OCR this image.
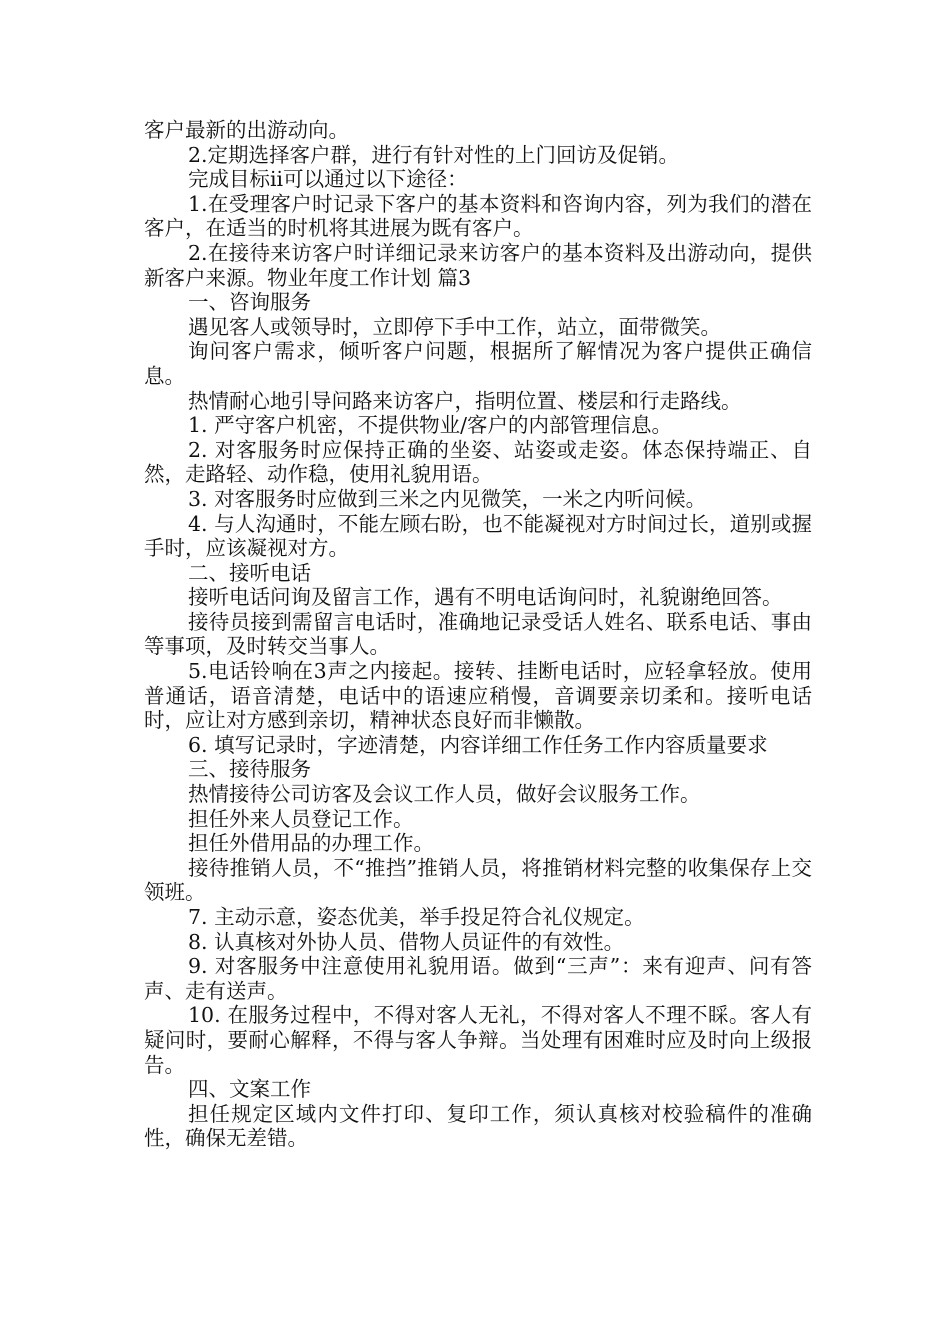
客户最新的出游动向。

2.定期选择客户群，进行有针对性的上门回访及促销。

完成目标ii可以通过以下途径：

1.在受理客户时记录下客户的基本资料和咨询内容，列为我们的潜在客户，在适当的时机将其进展为既有客户。

2.在接待来访客户时详细记录来访客户的基本资料及出游动向，提供新客户来源。物业年度工作计划 篇3

一、咨询服务

遇见客人或领导时，立即停下手中工作，站立，面带微笑。

询问客户需求，倾听客户问题，根据所了解情况为客户提供正确信息。

热情耐心地引导问路来访客户，指明位置、楼层和行走路线。

1. 严守客户机密，不提供物业/客户的内部管理信息。

2. 对客服务时应保持正确的坐姿、站姿或走姿。体态保持端正、自然，走路轻、动作稳，使用礼貌用语。

3. 对客服务时应做到三米之内见微笑，一米之内听问候。

4. 与人沟通时，不能左顾右盼，也不能凝视对方时间过长，道别或握手时，应该凝视对方。

二、接听电话

接听电话问询及留言工作，遇有不明电话询问时，礼貌谢绝回答。

接待员接到需留言电话时，准确地记录受话人姓名、联系电话、事由等事项，及时转交当事人。

5.电话铃响在3声之内接起。接转、挂断电话时，应轻拿轻放。使用普通话，语音清楚，电话中的语速应稍慢，音调要亲切柔和。接听电话时，应让对方感到亲切，精神状态良好而非懒散。

6. 填写记录时，字迹清楚，内容详细工作任务工作内容质量要求

三、接待服务

热情接待公司访客及会议工作人员，做好会议服务工作。

担任外来人员登记工作。

担任外借用品的办理工作。

接待推销人员，不“推挡”推销人员，将推销材料完整的收集保存上交领班。

7. 主动示意，姿态优美，举手投足符合礼仪规定。

8. 认真核对外协人员、借物人员证件的有效性。

9. 对客服务中注意使用礼貌用语。做到“三声”：来有迎声、问有答声、走有送声。

10. 在服务过程中，不得对客人无礼，不得对客人不理不睬。客人有疑问时，要耐心解释，不得与客人争辩。当处理有困难时应及时向上级报告。

四、文案工作

担任规定区域内文件打印、复印工作，须认真核对校验稿件的准确性，确保无差错。
